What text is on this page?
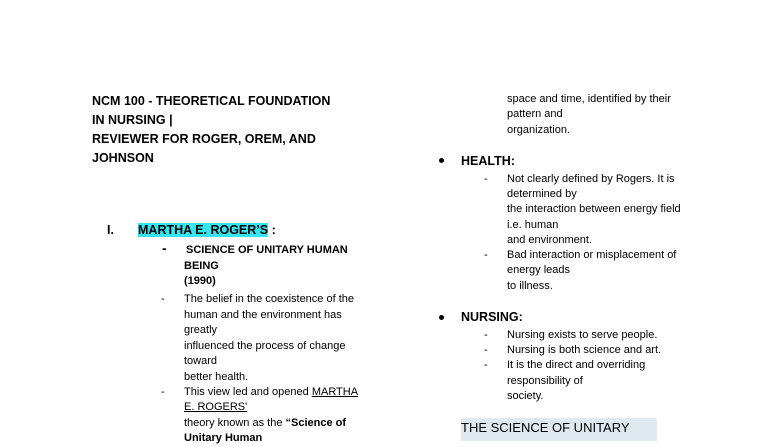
NCM 100 - THEORETICAL FOUNDATION
IN NURSING |
REVIEWER FOR ROGER, OREM, AND
JOHNSON
I. MARTHA E. ROGER’S :
- SCIENCE OF UNITARY HUMAN
BEING
(1990)
- The belief in the coexistence of the
human and the environment has
greatly
influenced the process of change
toward
better health.
- This view led and opened MARTHA
E. ROGERS'
theory known as the “Science of
Unitary Human
space and time, identified by their
pattern and
organization.
HEALTH:
- Not clearly defined by Rogers. It is
determined by
the interaction between energy field
i.e. human
and environment.
- Bad interaction or misplacement of
energy leads
to illness.
NURSING:
- Nursing exists to serve people.
- Nursing is both science and art.
- It is the direct and overriding
responsibility of
society.
THE SCIENCE OF UNITARY
